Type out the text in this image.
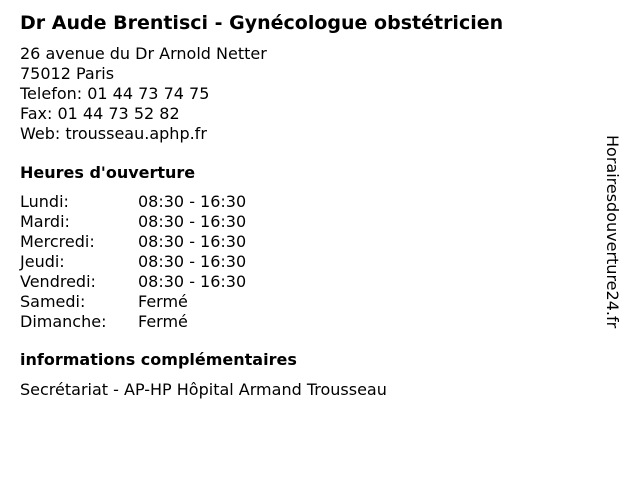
Dr Aude Brentisci - Gynécologue obstétricien
26 avenue du Dr Arnold Netter
75012 Paris
Telefon: 01 44 73 74 75
Fax: 01 44 73 52 82
Web: trousseau.aphp.fr
Heures d'ouverture
Lundi:	08:30 - 16:30
Mardi:	08:30 - 16:30
Mercredi:	08:30 - 16:30
Jeudi:	08:30 - 16:30
Vendredi:	08:30 - 16:30
Samedi:	Fermé
Dimanche:	Fermé
informations complémentaires
Secrétariat - AP-HP Hôpital Armand Trousseau
Horairesdouverture24.fr
